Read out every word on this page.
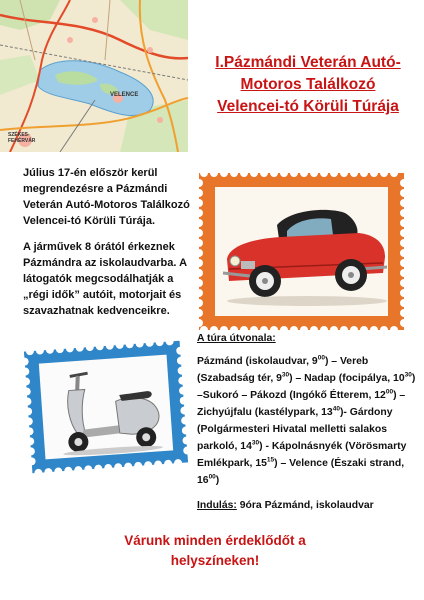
VELENCE
SZÉKES-FEHÉRVÁR
I.Pázmándi Veterán Autó-
Motoros Találkozó
Velencei-tó Körüli Túrája

Július 17-én először kerül megrendezésre a Pázmándi Veterán Autó-Motoros Találkozó Velencei-tó Körüli Túrája.

A járművek 8 órától érkeznek Pázmándra az iskolaudvarba. A látogatók megcsodálhatják a „régi idők” autóit, motorjait és szavazhatnak kedvenceikre.

A túra útvonala:
Pázmánd (iskolaudvar, $9^{00}$) – Vereb (Szabadság tér, $9^{30}$) – Nadap (focipálya, $10^{30}$) –Sukoró – Pákozd (Ingókő Étterem, $12^{00}$) – Zichyújfalu (kastélypark, $13^{40})-$ Gárdony (Polgármesteri Hivatal melletti salakos parkoló, $14^{30}$) - Kápolnásnyék (Vörösmarty Emlékpark, $15^{15}$) – Velence (Északi strand, $16^{00}$)
Indulás: 9óra Pázmánd, iskolaudvar
Várunk minden érdeklődőt a
helyszíneken!
